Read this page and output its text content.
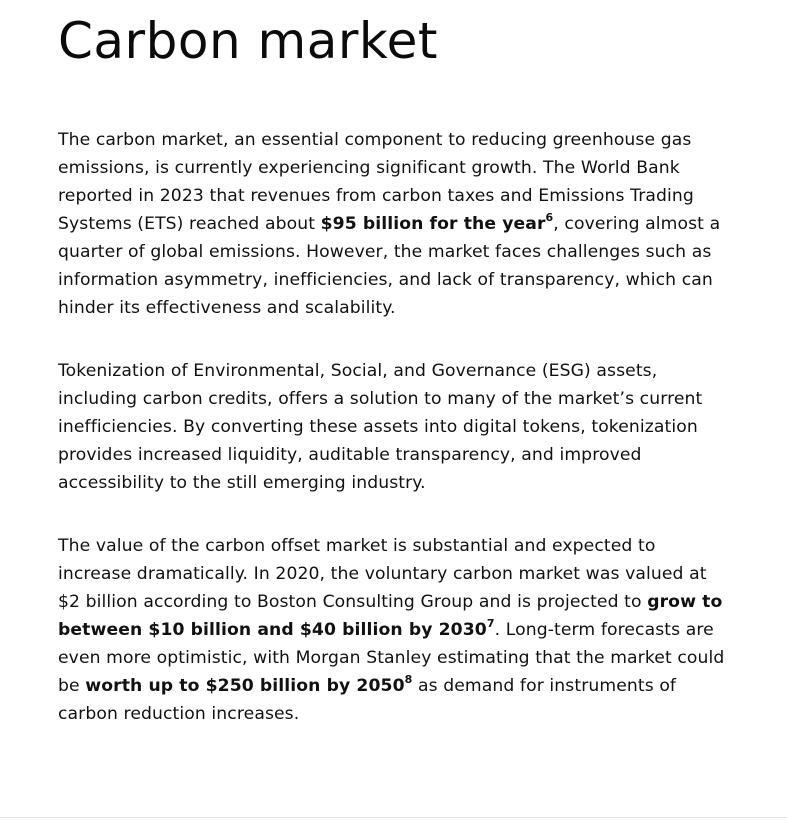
Carbon market

The carbon market, an essential component to reducing greenhouse gas emissions, is currently experiencing significant growth. The World Bank reported in 2023 that revenues from carbon taxes and Emissions Trading Systems (ETS) reached about $95 billion for the year$^6$, covering almost a quarter of global emissions. However, the market faces challenges such as information asymmetry, inefficiencies, and lack of transparency, which can hinder its effectiveness and scalability.

Tokenization of Environmental, Social, and Governance (ESG) assets, including carbon credits, offers a solution to many of the market’s current inefficiencies. By converting these assets into digital tokens, tokenization provides increased liquidity, auditable transparency, and improved accessibility to the still emerging industry.

The value of the carbon offset market is substantial and expected to increase dramatically. In 2020, the voluntary carbon market was valued at $2 billion according to Boston Consulting Group and is projected to grow to between $10 billion and $40 billion by 2030$^7$. Long-term forecasts are even more optimistic, with Morgan Stanley estimating that the market could be worth up to $250 billion by 2050$^8$ as demand for instruments of carbon reduction increases.
